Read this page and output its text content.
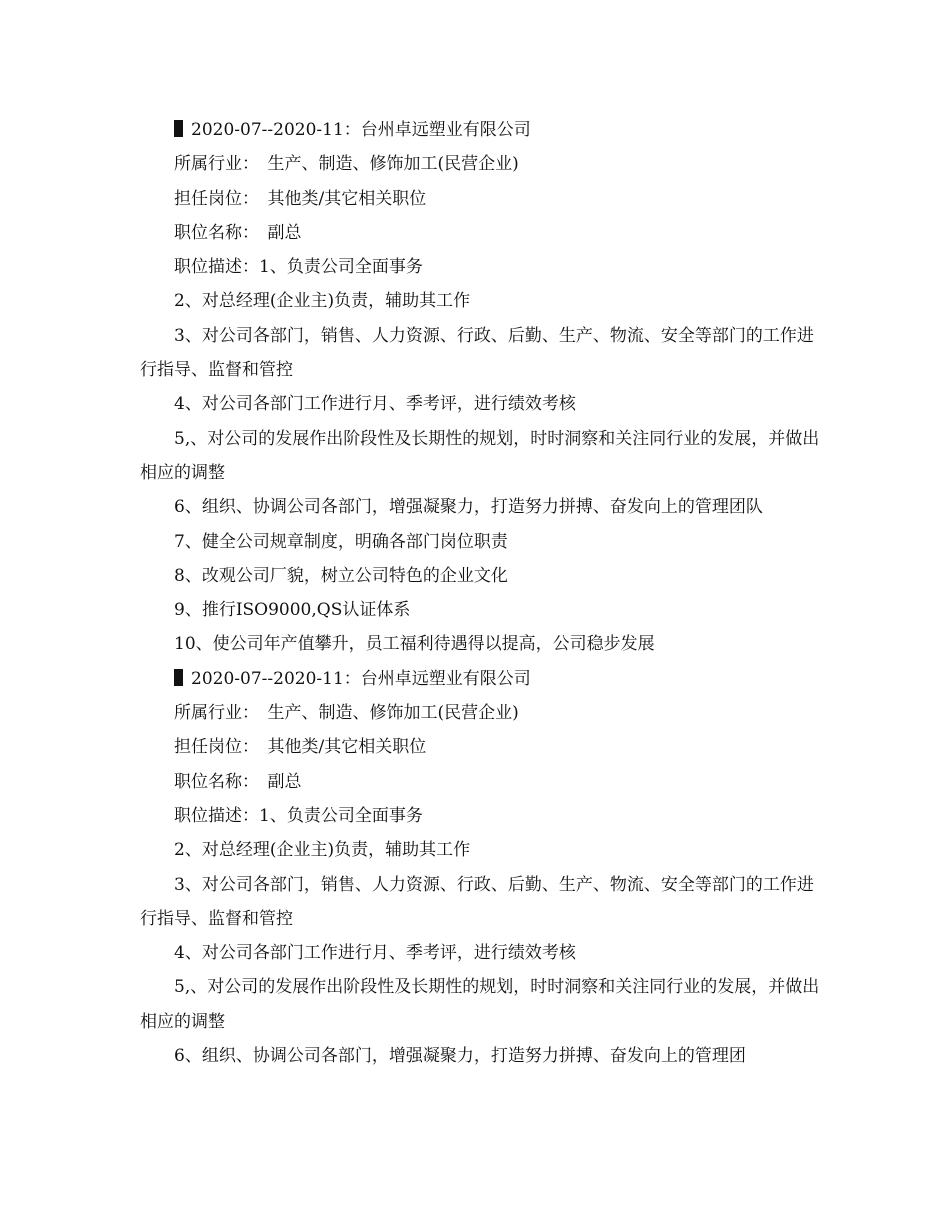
2020-07--2020-11：台州卓远塑业有限公司

所属行业：　生产、制造、修饰加工(民营企业)

担任岗位：　其他类/其它相关职位

职位名称：　副总

职位描述：1、负责公司全面事务

2、对总经理(企业主)负责，辅助其工作

3、对公司各部门，销售、人力资源、行政、后勤、生产、物流、安全等部门的工作进行指导、监督和管控

4、对公司各部门工作进行月、季考评，进行绩效考核

5,、对公司的发展作出阶段性及长期性的规划，时时洞察和关注同行业的发展，并做出相应的调整

6、组织、协调公司各部门，增强凝聚力，打造努力拼搏、奋发向上的管理团队

7、健全公司规章制度，明确各部门岗位职责

8、改观公司厂貌，树立公司特色的企业文化

9、推行ISO9000,QS认证体系

10、使公司年产值攀升，员工福利待遇得以提高，公司稳步发展

2020-07--2020-11：台州卓远塑业有限公司

所属行业：　生产、制造、修饰加工(民营企业)

担任岗位：　其他类/其它相关职位

职位名称：　副总

职位描述：1、负责公司全面事务

2、对总经理(企业主)负责，辅助其工作

3、对公司各部门，销售、人力资源、行政、后勤、生产、物流、安全等部门的工作进行指导、监督和管控

4、对公司各部门工作进行月、季考评，进行绩效考核

5,、对公司的发展作出阶段性及长期性的规划，时时洞察和关注同行业的发展，并做出相应的调整

6、组织、协调公司各部门，增强凝聚力，打造努力拼搏、奋发向上的管理团
